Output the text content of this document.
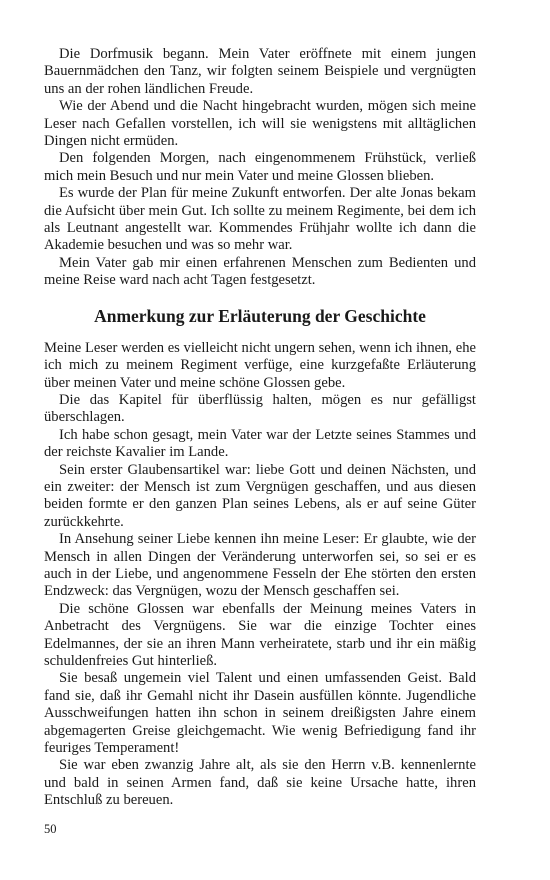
Die Dorfmusik begann. Mein Vater eröffnete mit einem jungen Bauernmädchen den Tanz, wir folgten seinem Beispiele und vergnügten uns an der rohen ländlichen Freude.

Wie der Abend und die Nacht hingebracht wurden, mögen sich meine Leser nach Gefallen vorstellen, ich will sie wenigstens mit alltäglichen Dingen nicht ermüden.

Den folgenden Morgen, nach eingenommenem Frühstück, verließ mich mein Besuch und nur mein Vater und meine Glossen blieben.

Es wurde der Plan für meine Zukunft entworfen. Der alte Jonas bekam die Aufsicht über mein Gut. Ich sollte zu meinem Regimente, bei dem ich als Leutnant angestellt war. Kommendes Frühjahr wollte ich dann die Akademie besuchen und was so mehr war.

Mein Vater gab mir einen erfahrenen Menschen zum Bedienten und meine Reise ward nach acht Tagen festgesetzt.

Anmerkung zur Erläuterung der Geschichte

Meine Leser werden es vielleicht nicht ungern sehen, wenn ich ihnen, ehe ich mich zu meinem Regiment verfüge, eine kurzgefaßte Erläuterung über meinen Vater und meine schöne Glossen gebe.

Die das Kapitel für überflüssig halten, mögen es nur gefälligst überschlagen.

Ich habe schon gesagt, mein Vater war der Letzte seines Stammes und der reichste Kavalier im Lande.

Sein erster Glaubensartikel war: liebe Gott und deinen Nächsten, und ein zweiter: der Mensch ist zum Vergnügen geschaffen, und aus diesen beiden formte er den ganzen Plan seines Lebens, als er auf seine Güter zurückkehrte.

In Ansehung seiner Liebe kennen ihn meine Leser: Er glaubte, wie der Mensch in allen Dingen der Veränderung unterworfen sei, so sei er es auch in der Liebe, und angenommene Fesseln der Ehe störten den ersten Endzweck: das Vergnügen, wozu der Mensch geschaffen sei.

Die schöne Glossen war ebenfalls der Meinung meines Vaters in Anbetracht des Vergnügens. Sie war die einzige Tochter eines Edelmannes, der sie an ihren Mann verheiratete, starb und ihr ein mäßig schuldenfreies Gut hinterließ.

Sie besaß ungemein viel Talent und einen umfassenden Geist. Bald fand sie, daß ihr Gemahl nicht ihr Dasein ausfüllen könnte. Jugendliche Ausschweifungen hatten ihn schon in seinem dreißigsten Jahre einem abgemagerten Greise gleichgemacht. Wie wenig Befriedigung fand ihr feuriges Temperament!

Sie war eben zwanzig Jahre alt, als sie den Herrn v.B. kennenlernte und bald in seinen Armen fand, daß sie keine Ursache hatte, ihren Entschluß zu bereuen.

50
